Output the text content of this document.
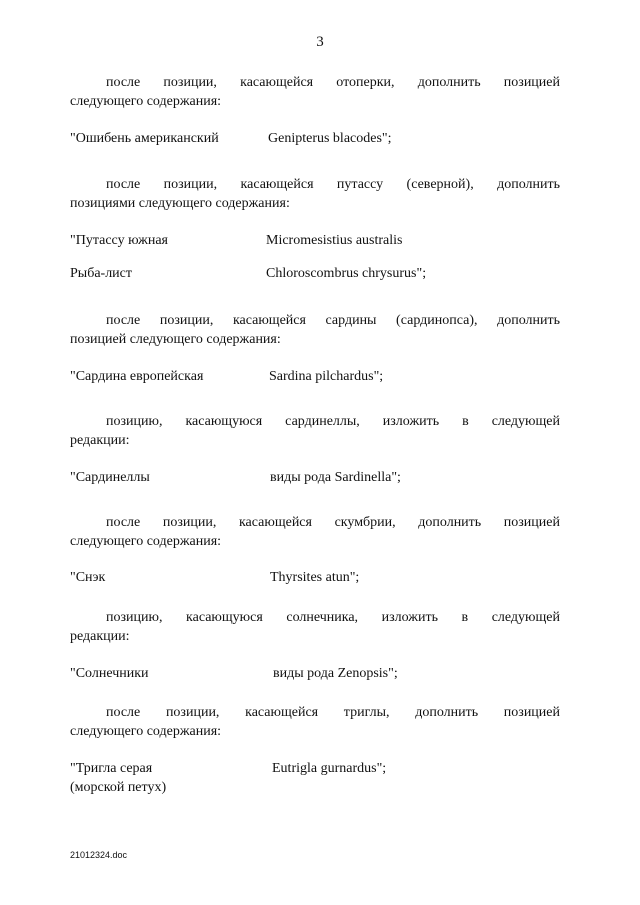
3
после позиции, касающейся отоперки, дополнить позицией
следующего содержания:
"Ошибень американский	Genipterus blacodes";
после позиции, касающейся путассу (северной), дополнить
позициями следующего содержания:
"Путассу южная	Micromesistius australis
Рыба-лист	Chloroscombrus chrysurus";
после позиции, касающейся сардины (сардинопса), дополнить
позицией следующего содержания:
"Сардина европейская	Sardina pilchardus";
позицию, касающуюся сардинеллы, изложить в следующей
редакции:
"Сардинеллы	виды рода Sardinella";
после позиции, касающейся скумбрии, дополнить позицией
следующего содержания:
"Снэк	Thyrsites atun";
позицию, касающуюся солнечника, изложить в следующей
редакции:
"Солнечники	виды рода Zenopsis";
после позиции, касающейся триглы, дополнить позицией
следующего содержания:
"Тригла серая	Eutrigla gurnardus";
(морской петух)
21012324.doc
